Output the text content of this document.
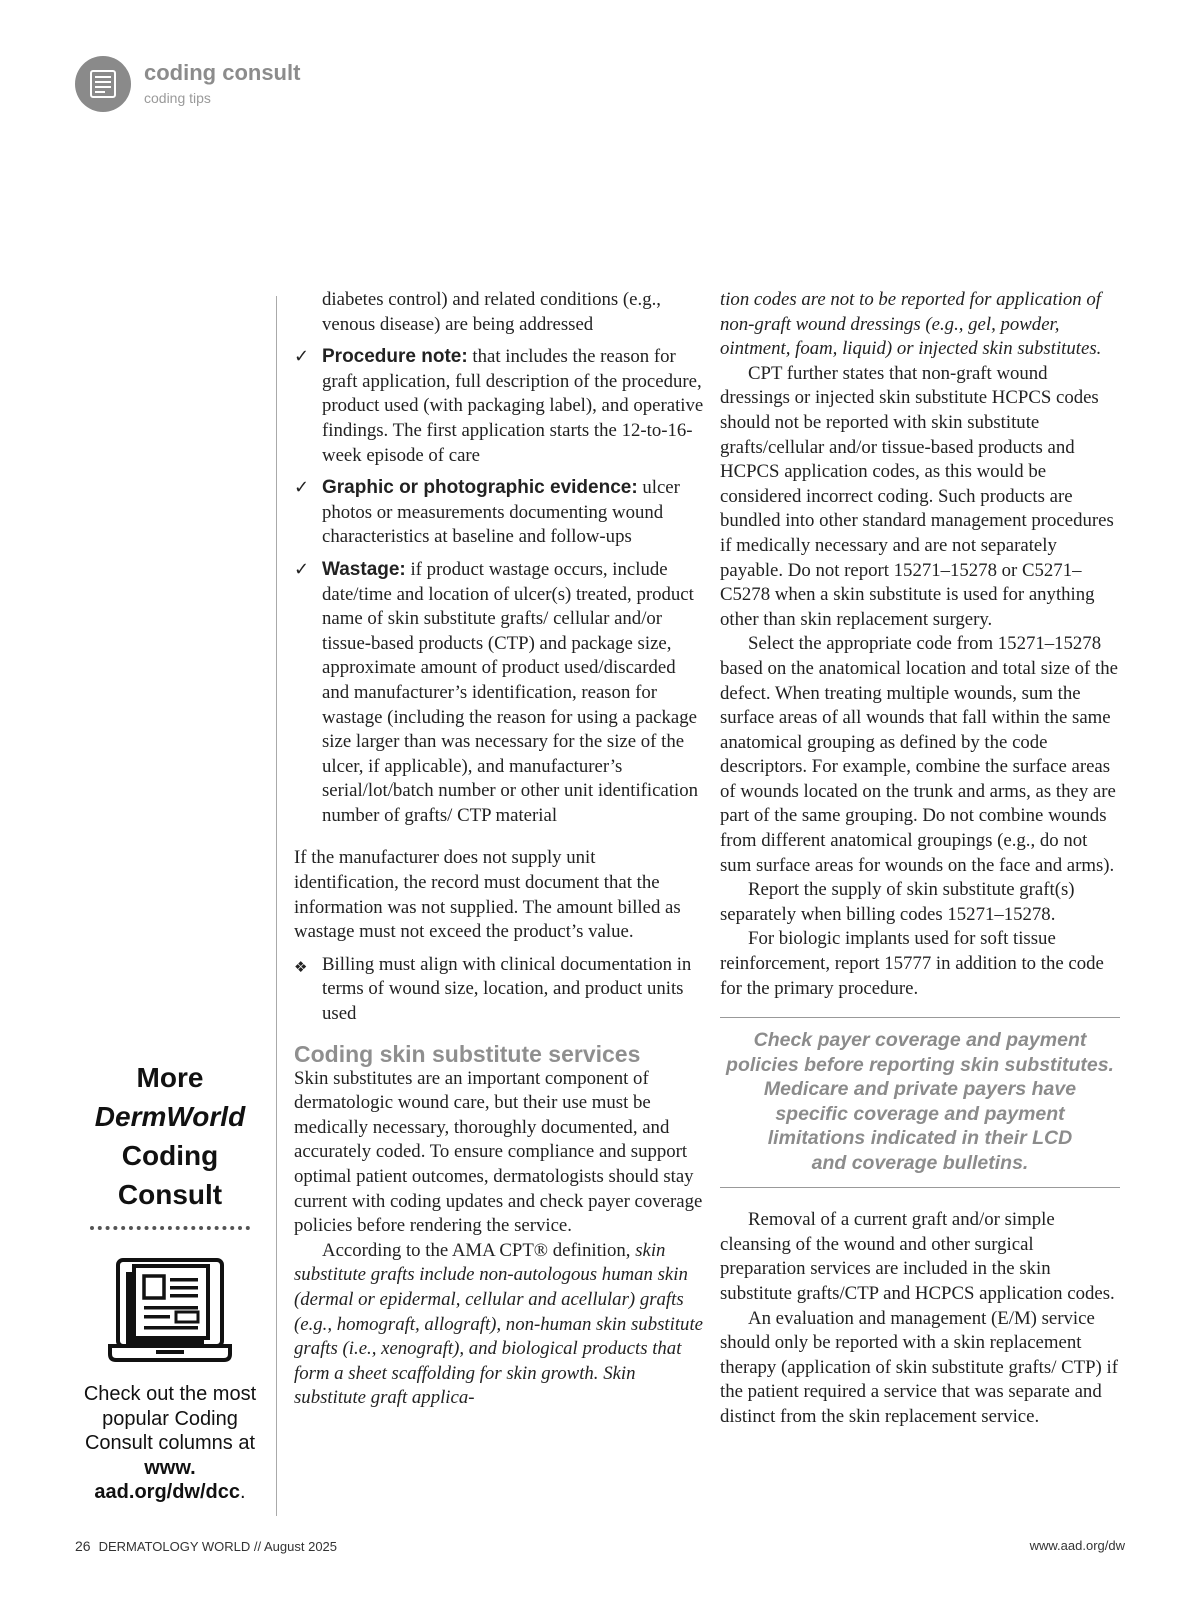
coding consult
coding tips
More
DermWorld
Coding
Consult
Check out the most popular Coding Consult columns at www. aad.org/dw/dcc.

diabetes control) and related conditions (e.g., venous disease) are being addressed

✓ Procedure note: that includes the reason for graft application, full description of the procedure, product used (with packaging label), and operative findings. The first application starts the 12-to-16-week episode of care
✓ Graphic or photographic evidence: ulcer photos or measurements documenting wound characteristics at baseline and follow-ups
✓ Wastage: if product wastage occurs, include date/time and location of ulcer(s) treated, product name of skin substitute grafts/ cellular and/or tissue-based products (CTP) and package size, approximate amount of product used/discarded and manufacturer’s identification, reason for wastage (including the reason for using a package size larger than was necessary for the size of the ulcer, if applicable), and manufacturer’s serial/lot/batch number or other unit identification number of grafts/ CTP material

If the manufacturer does not supply unit identification, the record must document that the information was not supplied. The amount billed as wastage must not exceed the product’s value.

❖ Billing must align with clinical documentation in terms of wound size, location, and product units used
Coding skin substitute services

Skin substitutes are an important component of dermatologic wound care, but their use must be medically necessary, thoroughly documented, and accurately coded. To ensure compliance and support optimal patient outcomes, dermatologists should stay current with coding updates and check payer coverage policies before rendering the service.

According to the AMA CPT® definition, skin substitute grafts include non-autologous human skin (dermal or epidermal, cellular and acellular) grafts (e.g., homograft, allograft), non-human skin substitute grafts (i.e., xenograft), and biological products that form a sheet scaffolding for skin growth. Skin substitute graft applica-

tion codes are not to be reported for application of non-graft wound dressings (e.g., gel, powder, ointment, foam, liquid) or injected skin substitutes.

CPT further states that non-graft wound dressings or injected skin substitute HCPCS codes should not be reported with skin substitute grafts/cellular and/or tissue-based products and HCPCS application codes, as this would be considered incorrect coding. Such products are bundled into other standard management procedures if medically necessary and are not separately payable. Do not report 15271–15278 or C5271–C5278 when a skin substitute is used for anything other than skin replacement surgery.

Select the appropriate code from 15271–15278 based on the anatomical location and total size of the defect. When treating multiple wounds, sum the surface areas of all wounds that fall within the same anatomical grouping as defined by the code descriptors. For example, combine the surface areas of wounds located on the trunk and arms, as they are part of the same grouping. Do not combine wounds from different anatomical groupings (e.g., do not sum surface areas for wounds on the face and arms).

Report the supply of skin substitute graft(s) separately when billing codes 15271–15278.

For biologic implants used for soft tissue reinforcement, report 15777 in addition to the code for the primary procedure.

Check payer coverage and payment
policies before reporting skin substitutes.
Medicare and private payers have
specific coverage and payment
limitations indicated in their LCD
and coverage bulletins.

Removal of a current graft and/or simple cleansing of the wound and other surgical preparation services are included in the skin substitute grafts/CTP and HCPCS application codes.

An evaluation and management (E/M) service should only be reported with a skin replacement therapy (application of skin substitute grafts/ CTP) if the patient required a service that was separate and distinct from the skin replacement service.

26 DERMATOLOGY WORLD // August 2025	www.aad.org/dw
